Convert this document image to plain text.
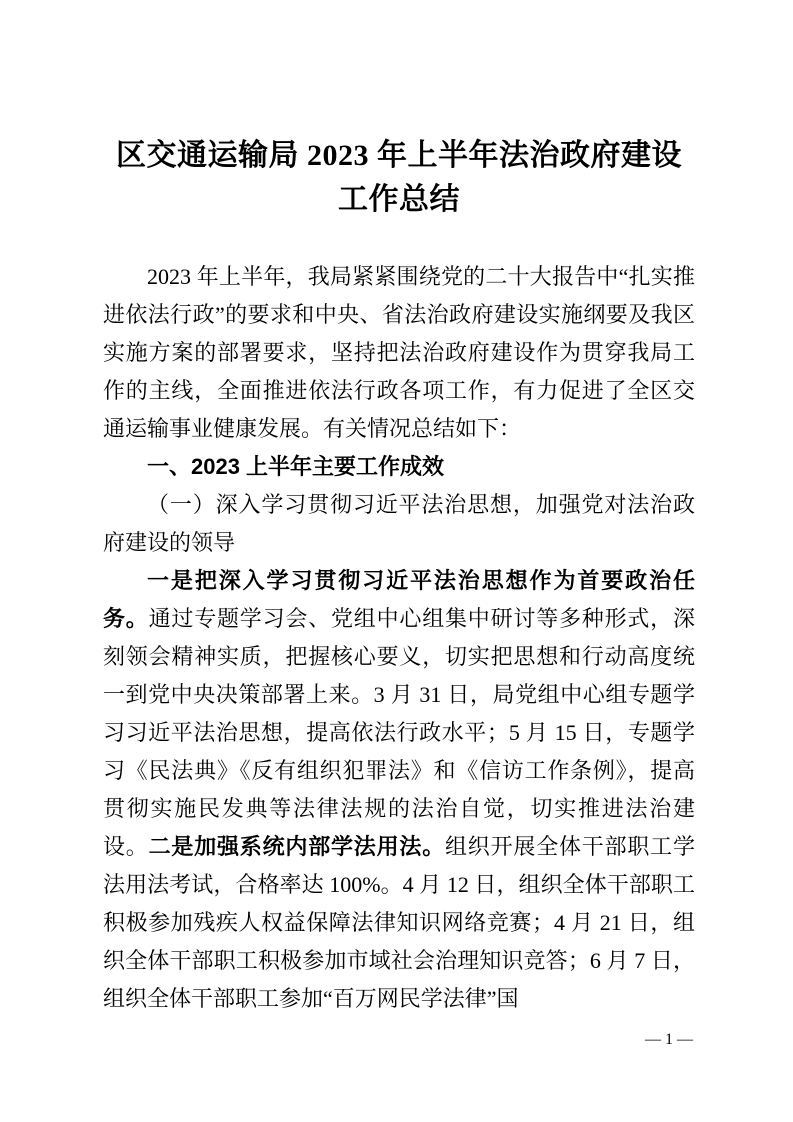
区交通运输局 2023 年上半年法治政府建设
工作总结

2023 年上半年，我局紧紧围绕党的二十大报告中“扎实推进依法行政”的要求和中央、省法治政府建设实施纲要及我区实施方案的部署要求，坚持把法治政府建设作为贯穿我局工作的主线，全面推进依法行政各项工作，有力促进了全区交通运输事业健康发展。有关情况总结如下：

一、2023 上半年主要工作成效
（一）深入学习贯彻习近平法治思想，加强党对法治政府建设的领导

一是把深入学习贯彻习近平法治思想作为首要政治任务。通过专题学习会、党组中心组集中研讨等多种形式，深刻领会精神实质，把握核心要义，切实把思想和行动高度统一到党中央决策部署上来。3 月 31 日，局党组中心组专题学习习近平法治思想，提高依法行政水平；5 月 15 日，专题学习《民法典》《反有组织犯罪法》和《信访工作条例》，提高贯彻实施民发典等法律法规的法治自觉，切实推进法治建设。二是加强系统内部学法用法。组织开展全体干部职工学法用法考试，合格率达 100%。4 月 12 日，组织全体干部职工积极参加残疾人权益保障法律知识网络竞赛；4 月 21 日，组织全体干部职工积极参加市域社会治理知识竞答；6 月 7 日，组织全体干部职工参加“百万网民学法律”国

— 1 —
